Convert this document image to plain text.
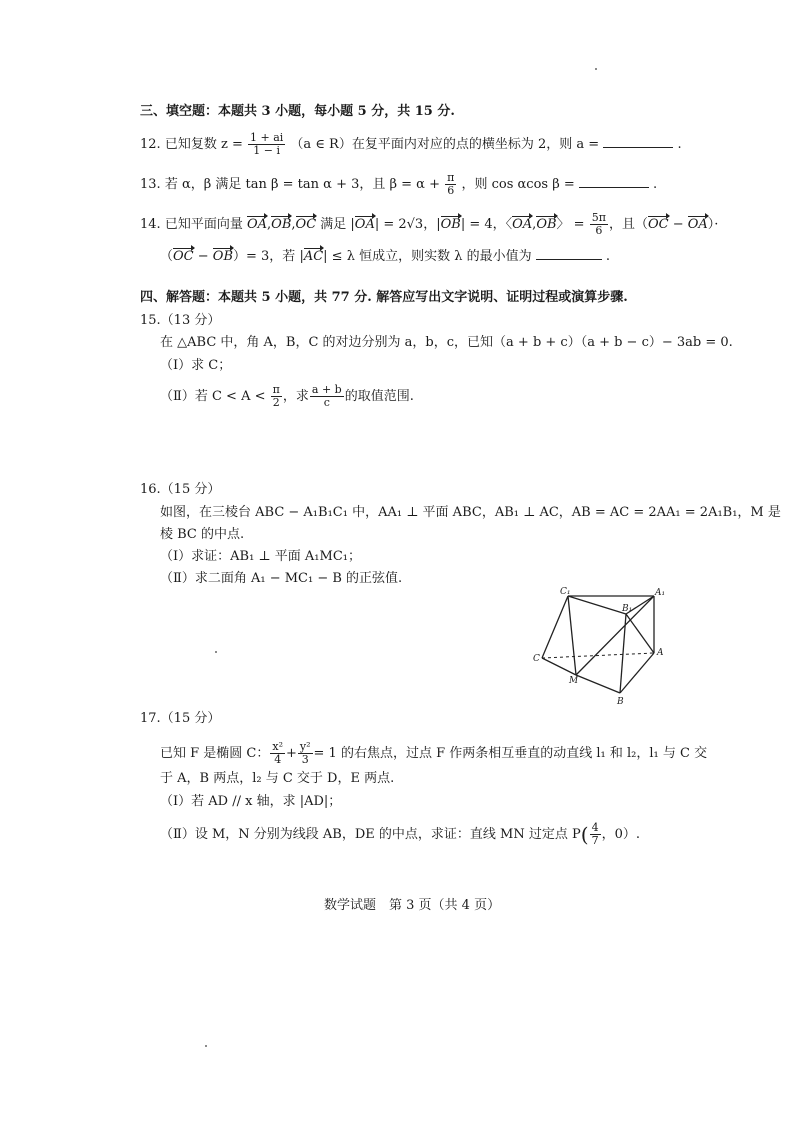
三、填空题：本题共 3 小题，每小题 5 分，共 15 分.
12. 已知复数 $z = \frac{1 + ai}{1 - i} (a$ ∈ R）在复平面内对应的点的横坐标为 2，则 a =	.
13. 若 α，β 满足 tan β = tan α + 3，且 $\beta = \alpha + \frac{\pi}{6}$ ，则 cos αcos β =	.
14. 已知平面向量 OA,OB,OC 满足 |OA| = 2√3，|OB| = 4，〈OA,OB〉 = $\frac{5\pi}{6}$ ，且（OC − OA）·
（OC − OB）= 3，若 |AC| ≤ λ 恒成立，则实数 λ 的最小值为	.
四、解答题：本题共 5 小题，共 77 分. 解答应写出文字说明、证明过程或演算步骤.
15.（13 分）
在 △ABC 中，角 A，B，C 的对边分别为 a，b，c，已知（a + b + c）（a + b − c）− 3ab = 0.
（Ⅰ）求 C；
（Ⅱ）若 $C < A < \frac{\pi}{2}$ ，求 $\frac{a + b}{c}$ 的取值范围.
16.（15 分）
如图，在三棱台 ABC − A₁B₁C₁ 中，AA₁ ⊥ 平面 ABC，AB₁ ⊥ AC，AB = AC = 2AA₁ = 2A₁B₁，M 是
棱 BC 的中点.
（Ⅰ）求证：AB₁ ⊥ 平面 A₁MC₁；
（Ⅱ）求二面角 A₁ − MC₁ − B 的正弦值.
C₁	A₁
B₁
C
A
M
B
17.（15 分）
已知 F 是椭圆 C： $\frac{\text{x²}}{4} + \frac{\text{y²}}{3} = 1$ 的右焦点，过点 F 作两条相互垂直的动直线 l₁ 和 l₂，l₁ 与 C 交
于 A，B 两点，l₂ 与 C 交于 D，E 两点.
（Ⅰ）若 AD // x 轴，求 |AD|；
（Ⅱ）设 M，N 分别为线段 AB，DE 的中点，求证：直线 MN 过定点 $P( \frac{4}{7}$ ，0）.
数学试题　第 3 页（共 4 页）
